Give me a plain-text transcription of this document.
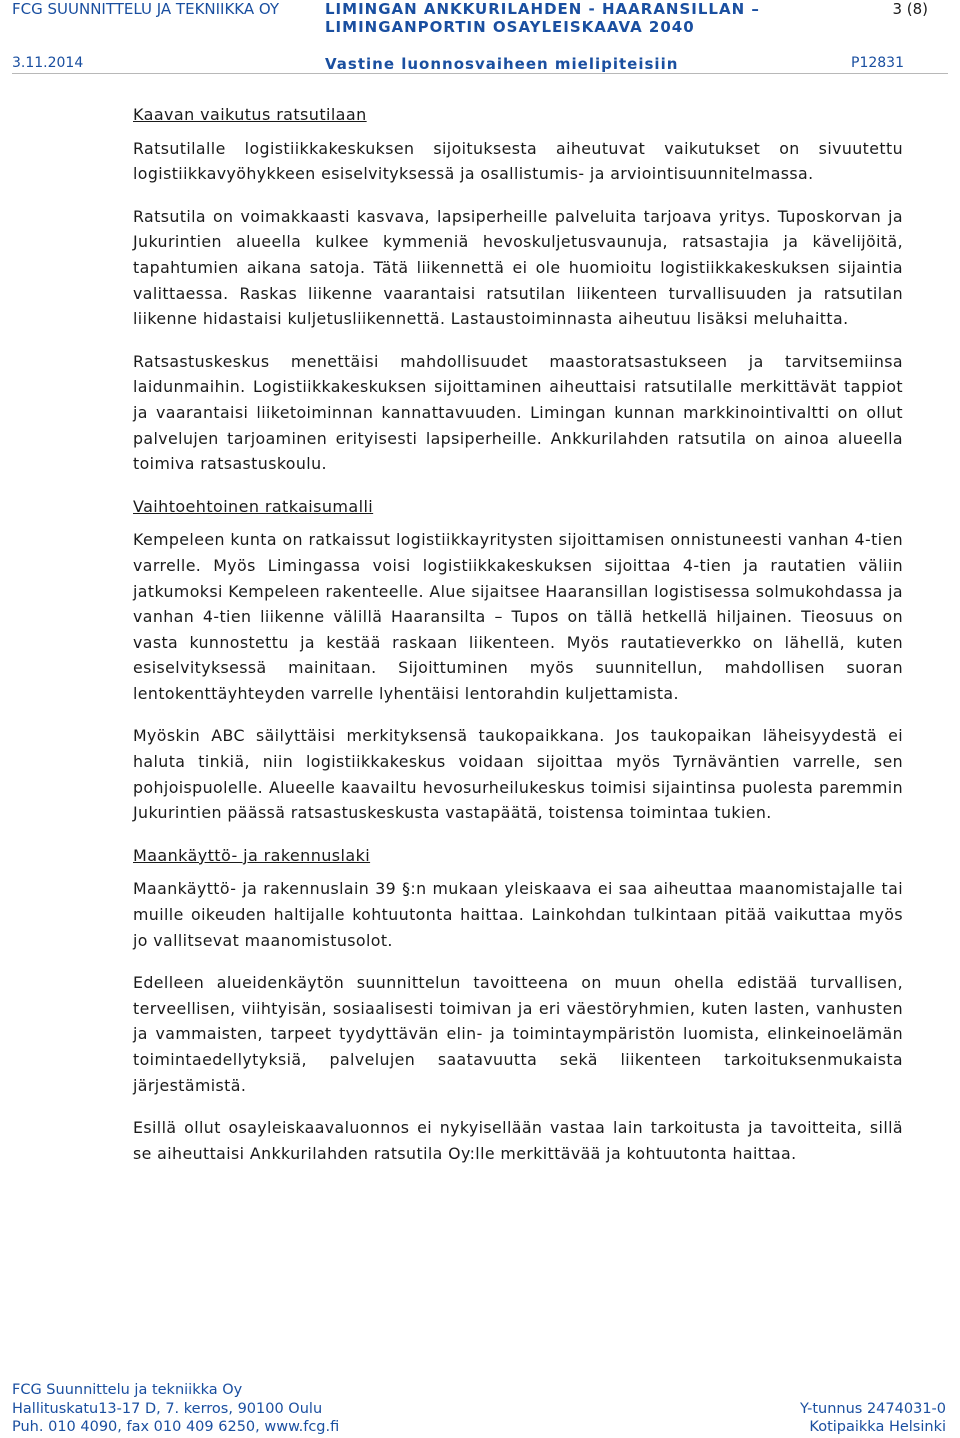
FCG SUUNNITTELU JA TEKNIIKKA OY	LIMINGAN ANKKURILAHDEN - HAARANSILLAN –
LIMINGANPORTIN OSAYLEISKAAVA 2040
3 (8)
3.11.2014	Vastine luonnosvaiheen mielipiteisiin	P12831
Kaavan vaikutus ratsutilaan

Ratsutilalle logistiikkakeskuksen sijoituksesta aiheutuvat vaikutukset on sivuutettu logistiikkavyöhykkeen esiselvityksessä ja osallistumis- ja arviointisuunnitelmassa.

Ratsutila on voimakkaasti kasvava, lapsiperheille palveluita tarjoava yritys. Tuposkorvan ja Jukurintien alueella kulkee kymmeniä hevoskuljetusvaunuja, ratsastajia ja kävelijöitä, tapahtumien aikana satoja. Tätä liikennettä ei ole huomioitu logistiikkakeskuksen sijaintia valittaessa. Raskas liikenne vaarantaisi ratsutilan liikenteen turvallisuuden ja ratsutilan liikenne hidastaisi kuljetusliikennettä. Lastaustoiminnasta aiheutuu lisäksi meluhaitta.

Ratsastuskeskus menettäisi mahdollisuudet maastoratsastukseen ja tarvitsemiinsa laidunmaihin. Logistiikkakeskuksen sijoittaminen aiheuttaisi ratsutilalle merkittävät tappiot ja vaarantaisi liiketoiminnan kannattavuuden. Limingan kunnan markkinointivaltti on ollut palvelujen tarjoaminen erityisesti lapsiperheille. Ankkurilahden ratsutila on ainoa alueella toimiva ratsastuskoulu.

Vaihtoehtoinen ratkaisumalli

Kempeleen kunta on ratkaissut logistiikkayritysten sijoittamisen onnistuneesti vanhan 4-tien varrelle. Myös Limingassa voisi logistiikkakeskuksen sijoittaa 4-tien ja rautatien väliin jatkumoksi Kempeleen rakenteelle. Alue sijaitsee Haaransillan logistisessa solmukohdassa ja vanhan 4-tien liikenne välillä Haaransilta – Tupos on tällä hetkellä hiljainen. Tieosuus on vasta kunnostettu ja kestää raskaan liikenteen. Myös rautatieverkko on lähellä, kuten esiselvityksessä mainitaan. Sijoittuminen myös suunnitellun, mahdollisen suoran lentokenttäyhteyden varrelle lyhentäisi lentorahdin kuljettamista.

Myöskin ABC säilyttäisi merkityksensä taukopaikkana. Jos taukopaikan läheisyydestä ei haluta tinkiä, niin logistiikkakeskus voidaan sijoittaa myös Tyrnäväntien varrelle, sen pohjoispuolelle. Alueelle kaavailtu hevosurheilukeskus toimisi sijaintinsa puolesta paremmin Jukurintien päässä ratsastuskeskusta vastapäätä, toistensa toimintaa tukien.

Maankäyttö- ja rakennuslaki

Maankäyttö- ja rakennuslain 39 §:n mukaan yleiskaava ei saa aiheuttaa maanomistajalle tai muille oikeuden haltijalle kohtuutonta haittaa. Lainkohdan tulkintaan pitää vaikuttaa myös jo vallitsevat maanomistusolot.

Edelleen alueidenkäytön suunnittelun tavoitteena on muun ohella edistää turvallisen, terveellisen, viihtyisän, sosiaalisesti toimivan ja eri väestöryhmien, kuten lasten, vanhusten ja vammaisten, tarpeet tyydyttävän elin- ja toimintaympäristön luomista, elinkeinoelämän toimintaedellytyksiä, palvelujen saatavuutta sekä liikenteen tarkoituksenmukaista järjestämistä.

Esillä ollut osayleiskaavaluonnos ei nykyisellään vastaa lain tarkoitusta ja tavoitteita, sillä se aiheuttaisi Ankkurilahden ratsutila Oy:lle merkittävää ja kohtuutonta haittaa.

FCG Suunnittelu ja tekniikka Oy
Hallituskatu13-17 D, 7. kerros, 90100 Oulu
Puh. 010 4090, fax 010 409 6250, www.fcg.fi
Y-tunnus 2474031-0
Kotipaikka Helsinki
